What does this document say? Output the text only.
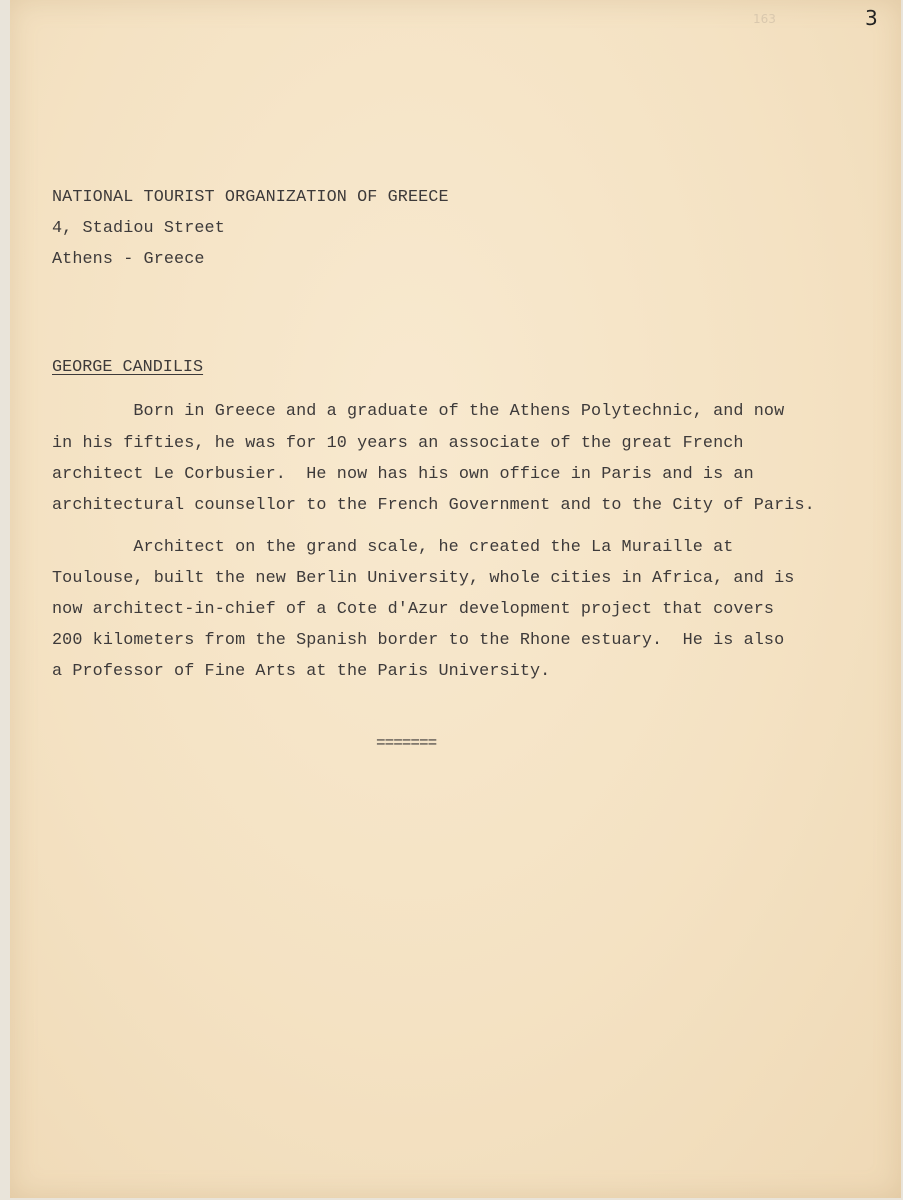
3
163

NATIONAL TOURIST ORGANIZATION OF GREECE

4, Stadiou Street

Athens - Greece

GEORGE CANDILIS

Born in Greece and a graduate of the Athens Polytechnic, and now

in his fifties, he was for 10 years an associate of the great French

architect Le Corbusier.  He now has his own office in Paris and is an

architectural counsellor to the French Government and to the City of Paris.

Architect on the grand scale, he created the La Muraille at

Toulouse, built the new Berlin University, whole cities in Africa, and is

now architect-in-chief of a Cote d'Azur development project that covers

200 kilometers from the Spanish border to the Rhone estuary.  He is also

a Professor of Fine Arts at the Paris University.

=======
